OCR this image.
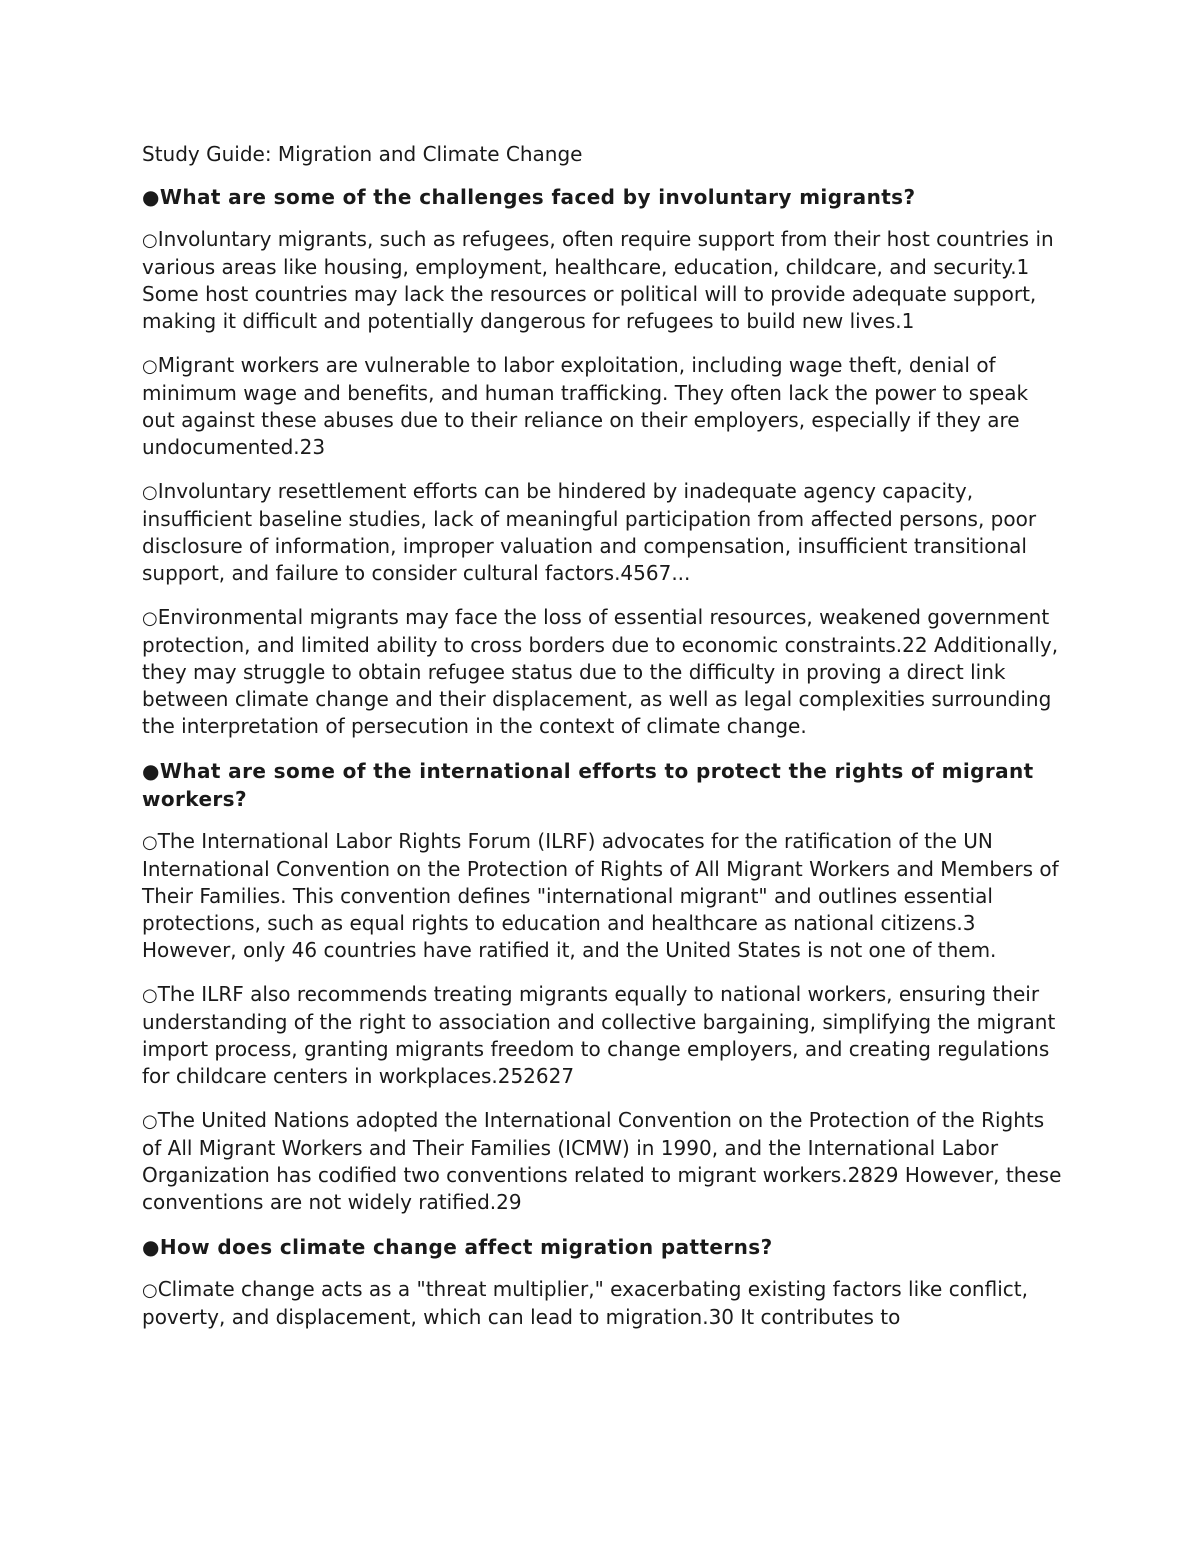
Study Guide: Migration and Climate Change

●What are some of the challenges faced by involuntary migrants?

○Involuntary migrants, such as refugees, often require support from their host countries in various areas like housing, employment, healthcare, education, childcare, and security.1 Some host countries may lack the resources or political will to provide adequate support, making it difficult and potentially dangerous for refugees to build new lives.1

○Migrant workers are vulnerable to labor exploitation, including wage theft, denial of minimum wage and benefits, and human trafficking. They often lack the power to speak out against these abuses due to their reliance on their employers, especially if they are undocumented.23

○Involuntary resettlement efforts can be hindered by inadequate agency capacity, insufficient baseline studies, lack of meaningful participation from affected persons, poor disclosure of information, improper valuation and compensation, insufficient transitional support, and failure to consider cultural factors.4567...

○Environmental migrants may face the loss of essential resources, weakened government protection, and limited ability to cross borders due to economic constraints.22 Additionally, they may struggle to obtain refugee status due to the difficulty in proving a direct link between climate change and their displacement, as well as legal complexities surrounding the interpretation of persecution in the context of climate change.

●What are some of the international efforts to protect the rights of migrant workers?

○The International Labor Rights Forum (ILRF) advocates for the ratification of the UN International Convention on the Protection of Rights of All Migrant Workers and Members of Their Families. This convention defines "international migrant" and outlines essential protections, such as equal rights to education and healthcare as national citizens.3 However, only 46 countries have ratified it, and the United States is not one of them.

○The ILRF also recommends treating migrants equally to national workers, ensuring their understanding of the right to association and collective bargaining, simplifying the migrant import process, granting migrants freedom to change employers, and creating regulations for childcare centers in workplaces.252627

○The United Nations adopted the International Convention on the Protection of the Rights of All Migrant Workers and Their Families (ICMW) in 1990, and the International Labor Organization has codified two conventions related to migrant workers.2829 However, these conventions are not widely ratified.29

●How does climate change affect migration patterns?

○Climate change acts as a "threat multiplier," exacerbating existing factors like conflict, poverty, and displacement, which can lead to migration.30 It contributes to
